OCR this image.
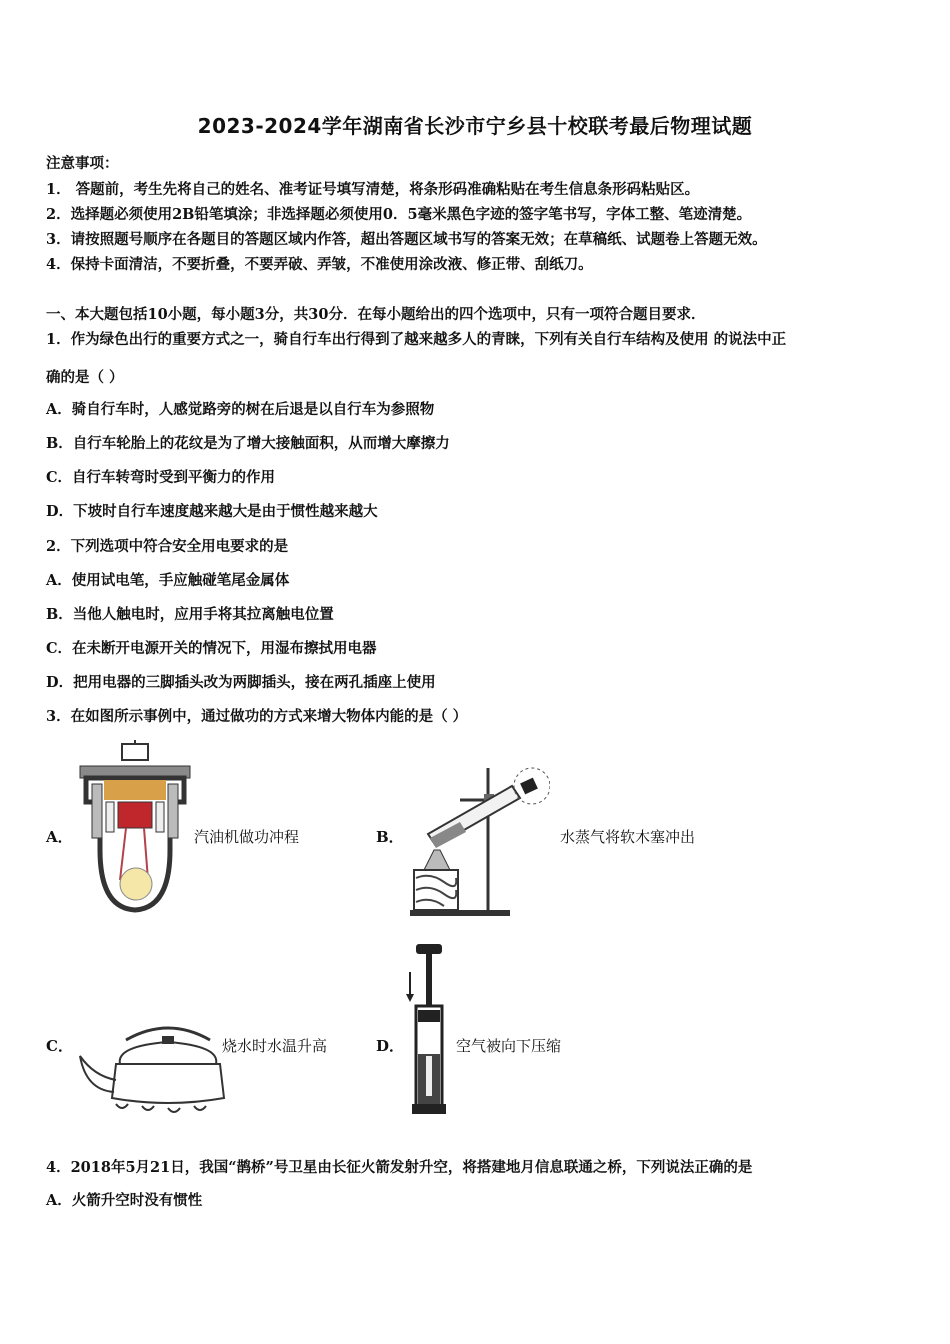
2023-2024学年湖南省长沙市宁乡县十校联考最后物理试题
注意事项：
1． 答题前，考生先将自己的姓名、准考证号填写清楚，将条形码准确粘贴在考生信息条形码粘贴区。
2．选择题必须使用2B铅笔填涂；非选择题必须使用0．5毫米黑色字迹的签字笔书写，字体工整、笔迹清楚。
3．请按照题号顺序在各题目的答题区域内作答，超出答题区域书写的答案无效；在草稿纸、试题卷上答题无效。
4．保持卡面清洁，不要折叠，不要弄破、弄皱，不准使用涂改液、修正带、刮纸刀。
一、本大题包括10小题，每小题3分，共30分．在每小题给出的四个选项中，只有一项符合题目要求．
1．作为绿色出行的重要方式之一，骑自行车出行得到了越来越多人的青睐，下列有关自行车结构及使用 的说法中正
确的是（ ）
A．骑自行车时，人感觉路旁的树在后退是以自行车为参照物
B．自行车轮胎上的花纹是为了增大接触面积，从而增大摩擦力
C．自行车转弯时受到平衡力的作用
D．下坡时自行车速度越来越大是由于惯性越来越大
2．下列选项中符合安全用电要求的是
A．使用试电笔，手应触碰笔尾金属体
B．当他人触电时，应用手将其拉离触电位置
C．在未断开电源开关的情况下，用湿布擦拭用电器
D．把用电器的三脚插头改为两脚插头，接在两孔插座上使用
3．在如图所示事例中，通过做功的方式来增大物体内能的是（ ）
A．	汽油机做功冲程	B．	水蒸气将软木塞冲出
C．	烧水时水温升高	D．	空气被向下压缩
4．2018年5月21日，我国“鹊桥”号卫星由长征火箭发射升空，将搭建地月信息联通之桥，下列说法正确的是
A．火箭升空时没有惯性
